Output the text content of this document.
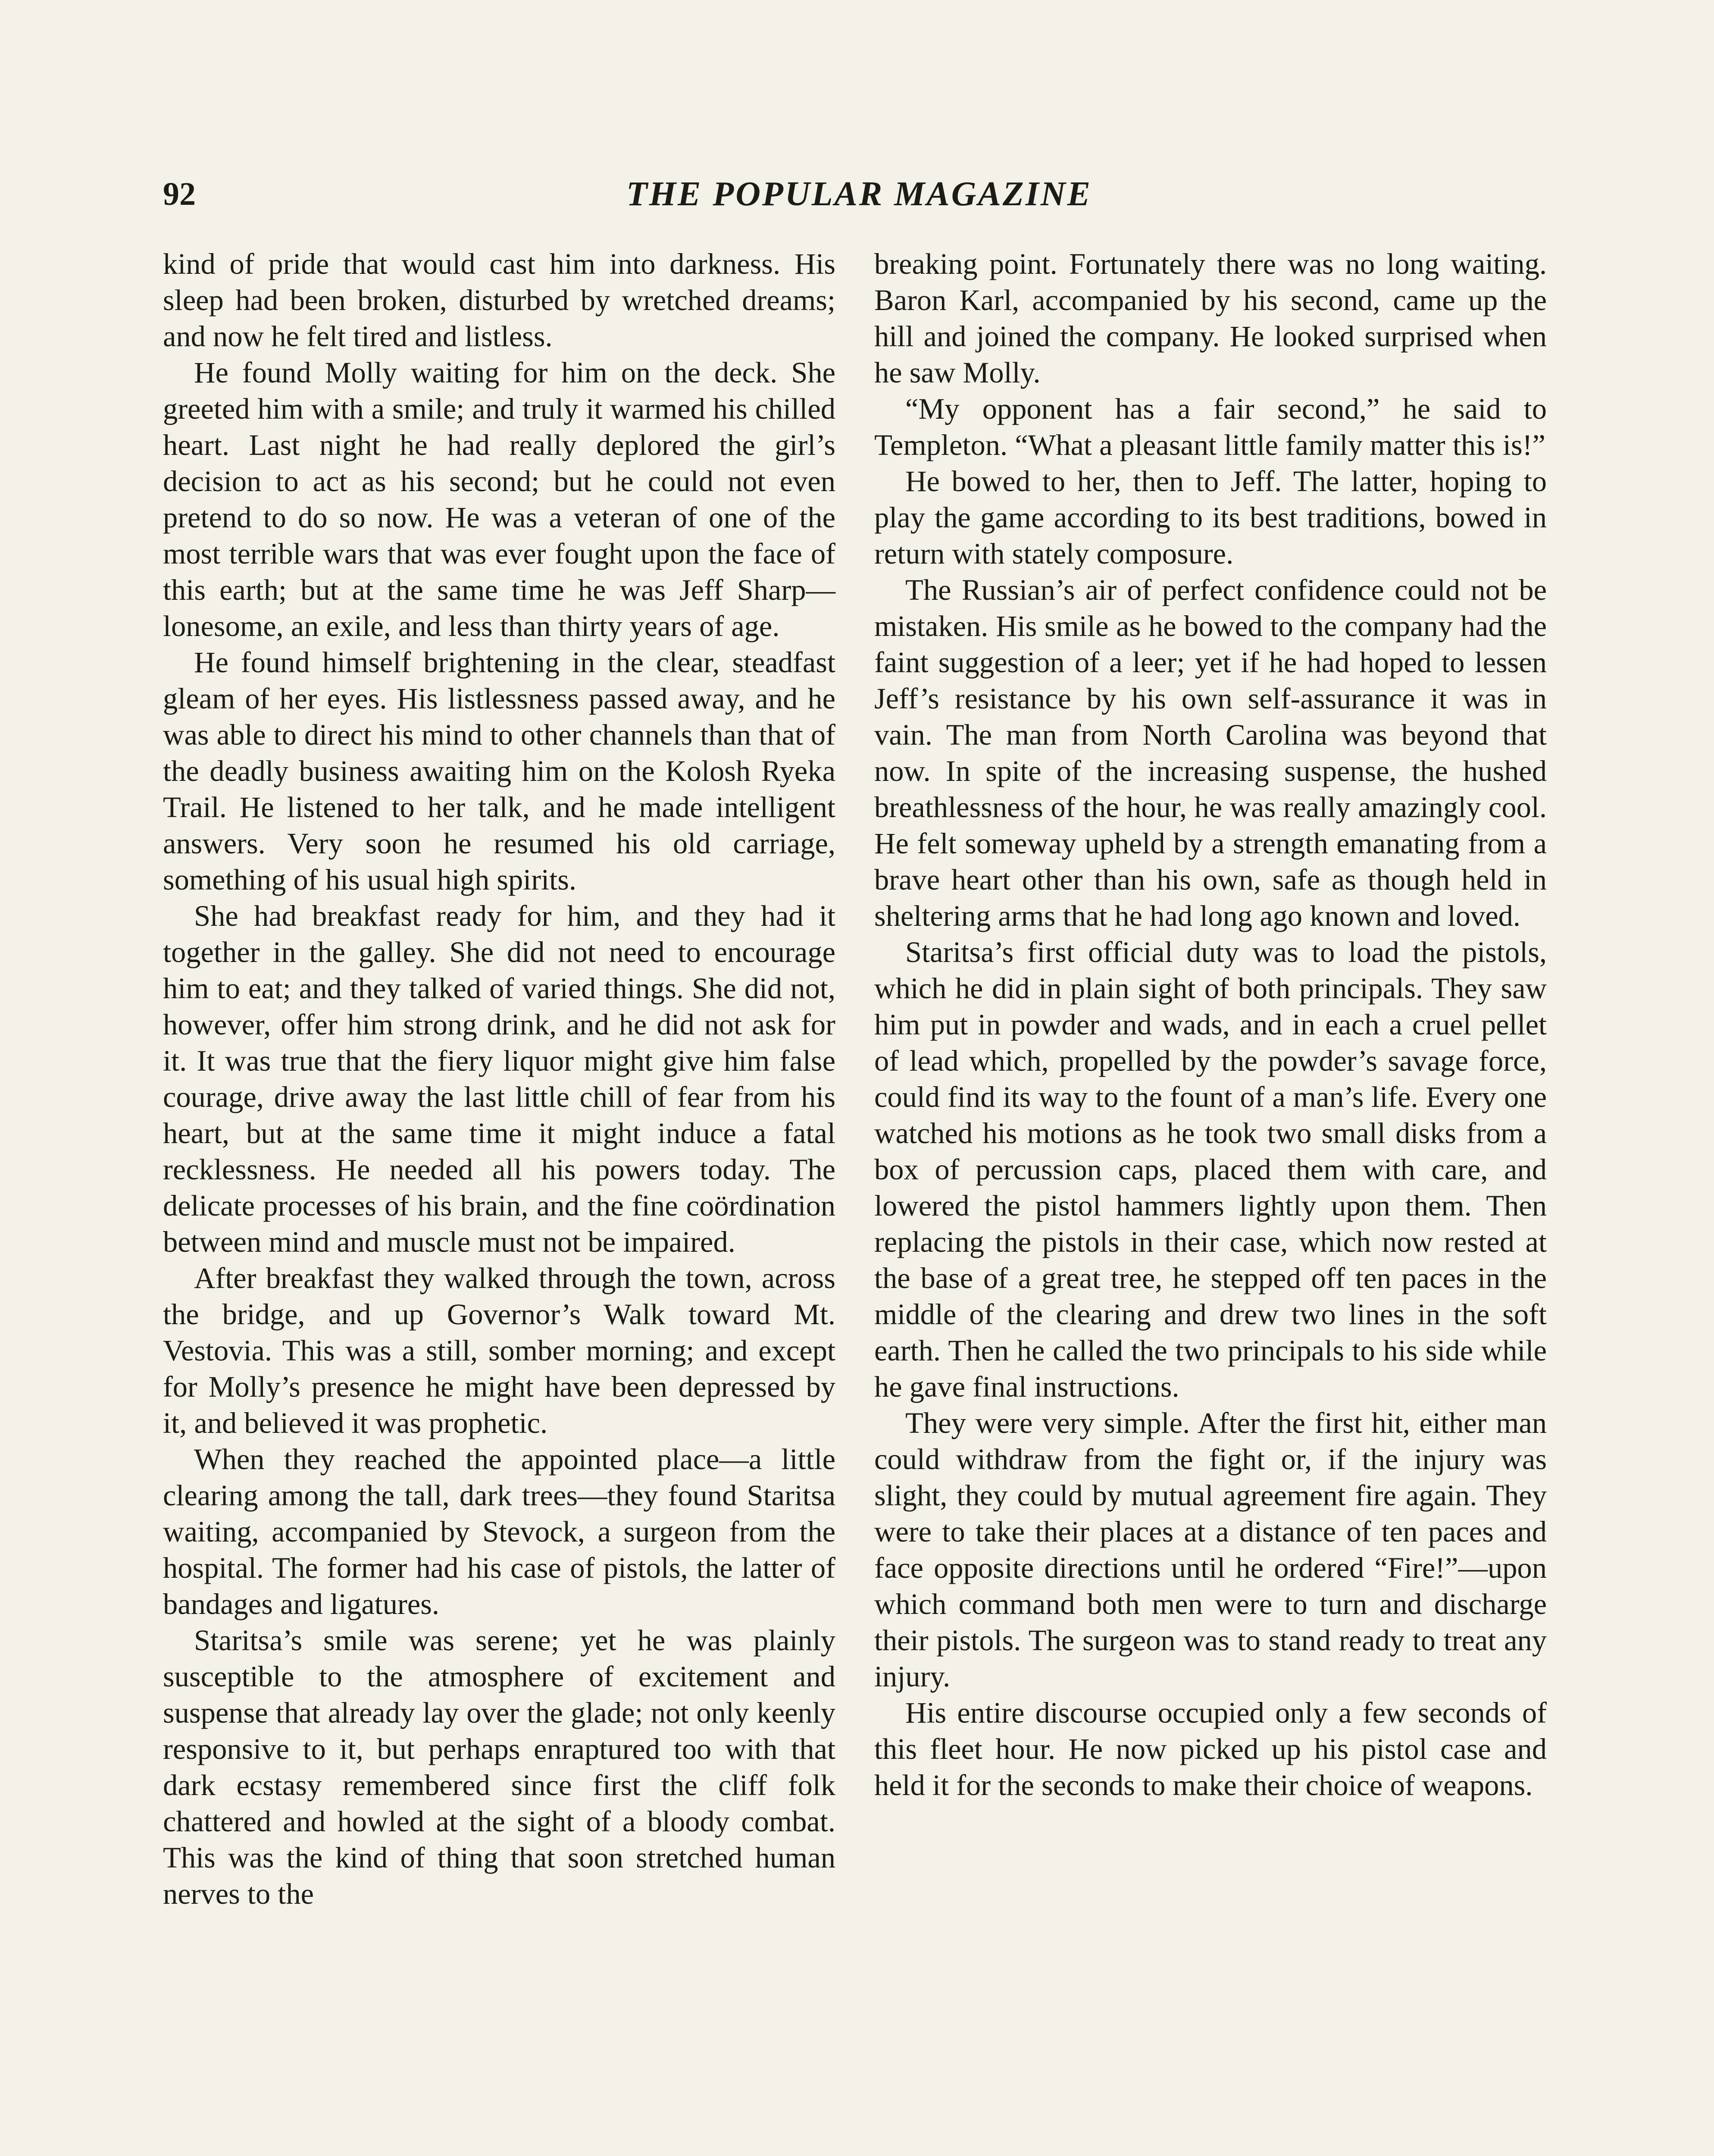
92	THE POPULAR MAGAZINE

kind of pride that would cast him into darkness. His sleep had been broken, disturbed by wretched dreams; and now he felt tired and listless.

He found Molly waiting for him on the deck. She greeted him with a smile; and truly it warmed his chilled heart. Last night he had really deplored the girl’s decision to act as his second; but he could not even pretend to do so now. He was a veteran of one of the most terrible wars that was ever fought upon the face of this earth; but at the same time he was Jeff Sharp—lonesome, an exile, and less than thirty years of age.

He found himself brightening in the clear, steadfast gleam of her eyes. His listlessness passed away, and he was able to direct his mind to other channels than that of the deadly business awaiting him on the Kolosh Ryeka Trail. He listened to her talk, and he made intelligent answers. Very soon he resumed his old carriage, something of his usual high spirits.

She had breakfast ready for him, and they had it together in the galley. She did not need to encourage him to eat; and they talked of varied things. She did not, however, offer him strong drink, and he did not ask for it. It was true that the fiery liquor might give him false courage, drive away the last little chill of fear from his heart, but at the same time it might induce a fatal recklessness. He needed all his powers today. The delicate processes of his brain, and the fine coördination between mind and muscle must not be impaired.

After breakfast they walked through the town, across the bridge, and up Governor’s Walk toward Mt. Vestovia. This was a still, somber morning; and except for Molly’s presence he might have been depressed by it, and believed it was prophetic.

When they reached the appointed place—a little clearing among the tall, dark trees—they found Staritsa waiting, accompanied by Stevock, a surgeon from the hospital. The former had his case of pistols, the latter of bandages and ligatures.

Staritsa’s smile was serene; yet he was plainly susceptible to the atmosphere of excitement and suspense that already lay over the glade; not only keenly responsive to it, but perhaps enraptured too with that dark ecstasy remembered since first the cliff folk chattered and howled at the sight of a bloody combat. This was the kind of thing that soon stretched human nerves to the

breaking point. Fortunately there was no long waiting. Baron Karl, accompanied by his second, came up the hill and joined the company. He looked surprised when he saw Molly.

“My opponent has a fair second,” he said to Templeton. “What a pleasant little family matter this is!”

He bowed to her, then to Jeff. The latter, hoping to play the game according to its best traditions, bowed in return with stately composure.

The Russian’s air of perfect confidence could not be mistaken. His smile as he bowed to the company had the faint suggestion of a leer; yet if he had hoped to lessen Jeff’s resistance by his own self-assurance it was in vain. The man from North Carolina was beyond that now. In spite of the increasing suspense, the hushed breathlessness of the hour, he was really amazingly cool. He felt someway upheld by a strength emanating from a brave heart other than his own, safe as though held in sheltering arms that he had long ago known and loved.

Staritsa’s first official duty was to load the pistols, which he did in plain sight of both principals. They saw him put in powder and wads, and in each a cruel pellet of lead which, propelled by the powder’s savage force, could find its way to the fount of a man’s life. Every one watched his motions as he took two small disks from a box of percussion caps, placed them with care, and lowered the pistol hammers lightly upon them. Then replacing the pistols in their case, which now rested at the base of a great tree, he stepped off ten paces in the middle of the clearing and drew two lines in the soft earth. Then he called the two principals to his side while he gave final instructions.

They were very simple. After the first hit, either man could withdraw from the fight or, if the injury was slight, they could by mutual agreement fire again. They were to take their places at a distance of ten paces and face opposite directions until he ordered “Fire!”—upon which command both men were to turn and discharge their pistols. The surgeon was to stand ready to treat any injury.

His entire discourse occupied only a few seconds of this fleet hour. He now picked up his pistol case and held it for the seconds to make their choice of weapons.
